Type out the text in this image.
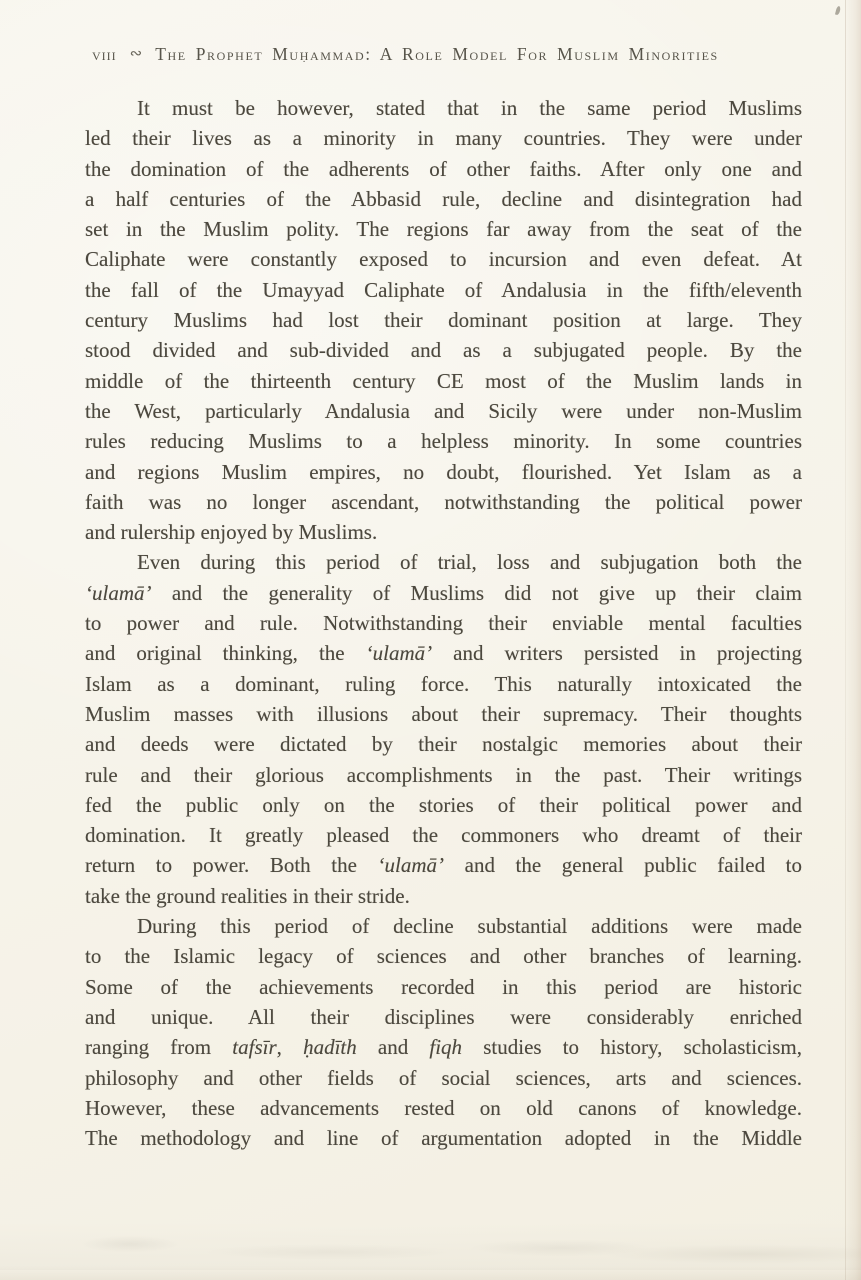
viii ∾ The Prophet Muḥammad: A Role Model For Muslim Minorities
It must be however, stated that in the same period Muslims
led their lives as a minority in many countries. They were under
the domination of the adherents of other faiths. After only one and
a half centuries of the Abbasid rule, decline and disintegration had
set in the Muslim polity. The regions far away from the seat of the
Caliphate were constantly exposed to incursion and even defeat. At
the fall of the Umayyad Caliphate of Andalusia in the fifth/eleventh
century Muslims had lost their dominant position at large. They
stood divided and sub-divided and as a subjugated people. By the
middle of the thirteenth century CE most of the Muslim lands in
the West, particularly Andalusia and Sicily were under non-Muslim
rules reducing Muslims to a helpless minority. In some countries
and regions Muslim empires, no doubt, flourished. Yet Islam as a
faith was no longer ascendant, notwithstanding the political power
and rulership enjoyed by Muslims.
Even during this period of trial, loss and subjugation both the
‘ulamā’ and the generality of Muslims did not give up their claim
to power and rule. Notwithstanding their enviable mental faculties
and original thinking, the ‘ulamā’ and writers persisted in projecting
Islam as a dominant, ruling force. This naturally intoxicated the
Muslim masses with illusions about their supremacy. Their thoughts
and deeds were dictated by their nostalgic memories about their
rule and their glorious accomplishments in the past. Their writings
fed the public only on the stories of their political power and
domination. It greatly pleased the commoners who dreamt of their
return to power. Both the ‘ulamā’ and the general public failed to
take the ground realities in their stride.
During this period of decline substantial additions were made
to the Islamic legacy of sciences and other branches of learning.
Some of the achievements recorded in this period are historic
and unique. All their disciplines were considerably enriched
ranging from tafsīr, ḥadīth and fiqh studies to history, scholasticism,
philosophy and other fields of social sciences, arts and sciences.
However, these advancements rested on old canons of knowledge.
The methodology and line of argumentation adopted in the Middle
